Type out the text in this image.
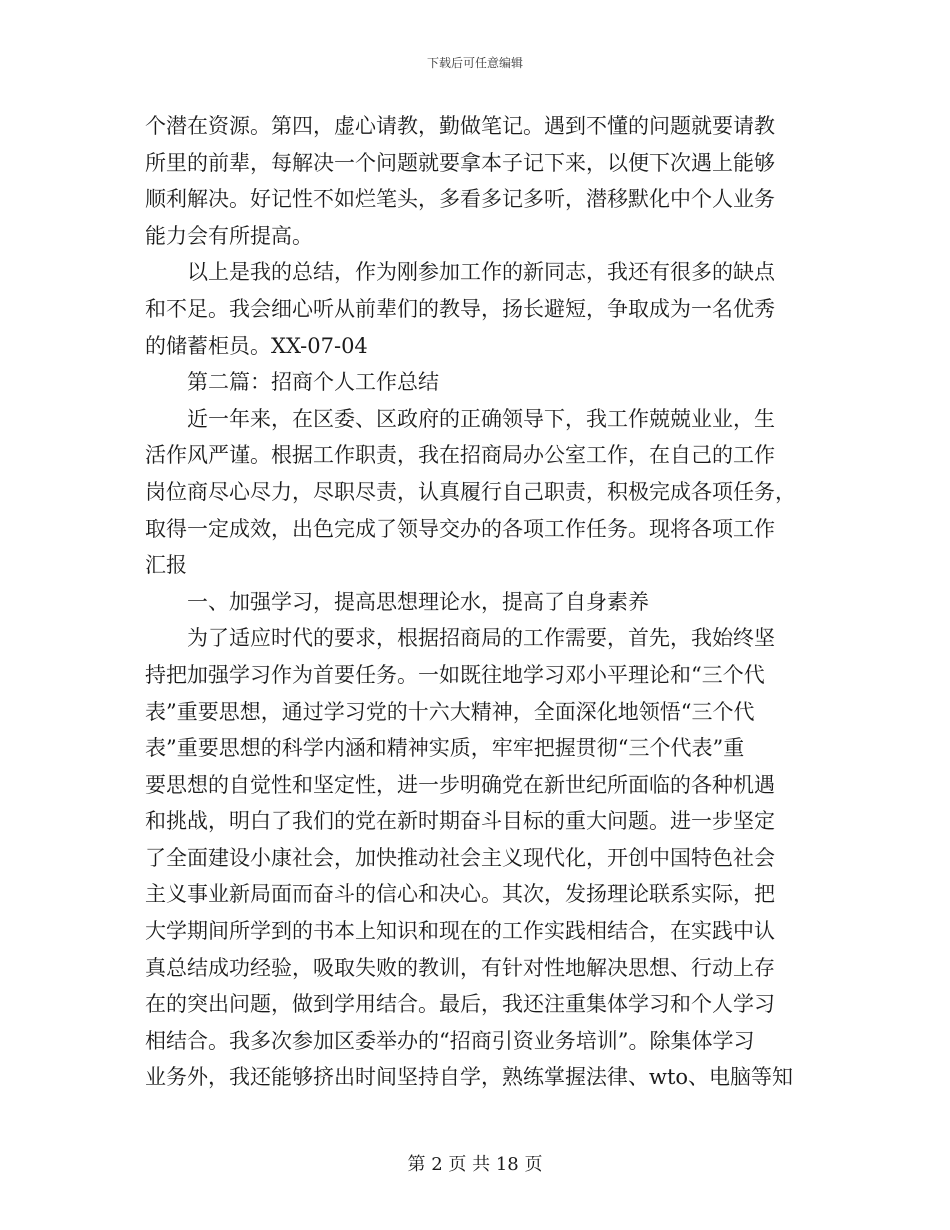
下载后可任意编辑
个潜在资源。第四，虚心请教，勤做笔记。遇到不懂的问题就要请教
所里的前辈，每解决一个问题就要拿本子记下来，以便下次遇上能够
顺利解决。好记性不如烂笔头，多看多记多听，潜移默化中个人业务
能力会有所提高。
以上是我的总结，作为刚参加工作的新同志，我还有很多的缺点
和不足。我会细心听从前辈们的教导，扬长避短，争取成为一名优秀
的储蓄柜员。XX-07-04
第二篇：招商个人工作总结
近一年来，在区委、区政府的正确领导下，我工作兢兢业业，生
活作风严谨。根据工作职责，我在招商局办公室工作，在自己的工作
岗位商尽心尽力，尽职尽责，认真履行自己职责，积极完成各项任务，
取得一定成效，出色完成了领导交办的各项工作任务。现将各项工作
汇报
一、加强学习，提高思想理论水，提高了自身素养
为了适应时代的要求，根据招商局的工作需要，首先，我始终坚
持把加强学习作为首要任务。一如既往地学习邓小平理论和“三个代
表”重要思想，通过学习党的十六大精神，全面深化地领悟“三个代
表”重要思想的科学内涵和精神实质，牢牢把握贯彻“三个代表”重
要思想的自觉性和坚定性，进一步明确党在新世纪所面临的各种机遇
和挑战，明白了我们的党在新时期奋斗目标的重大问题。进一步坚定
了全面建设小康社会，加快推动社会主义现代化，开创中国特色社会
主义事业新局面而奋斗的信心和决心。其次，发扬理论联系实际，把
大学期间所学到的书本上知识和现在的工作实践相结合，在实践中认
真总结成功经验，吸取失败的教训，有针对性地解决思想、行动上存
在的突出问题，做到学用结合。最后，我还注重集体学习和个人学习
相结合。我多次参加区委举办的“招商引资业务培训”。除集体学习
业务外，我还能够挤出时间坚持自学，熟练掌握法律、wto、电脑等知
第 2 页 共 18 页
